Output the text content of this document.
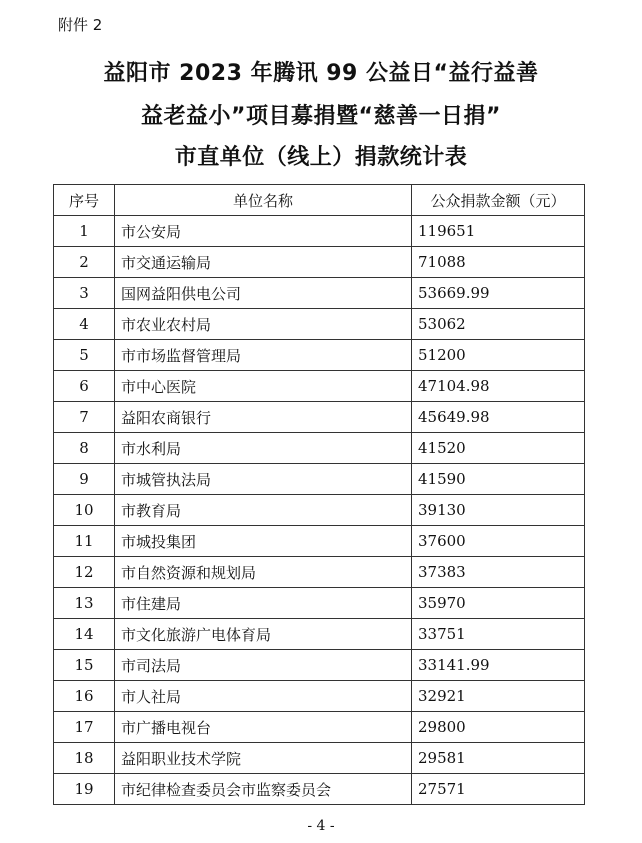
附件 2
益阳市 2023 年腾讯 99 公益日“益行益善
益老益小”项目募捐暨“慈善一日捐”
市直单位（线上）捐款统计表
序号	单位名称	公众捐款金额（元）
1	市公安局	119651
2	市交通运输局	71088
3	国网益阳供电公司	53669.99
4	市农业农村局	53062
5	市市场监督管理局	51200
6	市中心医院	47104.98
7	益阳农商银行	45649.98
8	市水利局	41520
9	市城管执法局	41590
10	市教育局	39130
11	市城投集团	37600
12	市自然资源和规划局	37383
13	市住建局	35970
14	市文化旅游广电体育局	33751
15	市司法局	33141.99
16	市人社局	32921
17	市广播电视台	29800
18	益阳职业技术学院	29581
19	市纪律检查委员会市监察委员会	27571
- 4 -
